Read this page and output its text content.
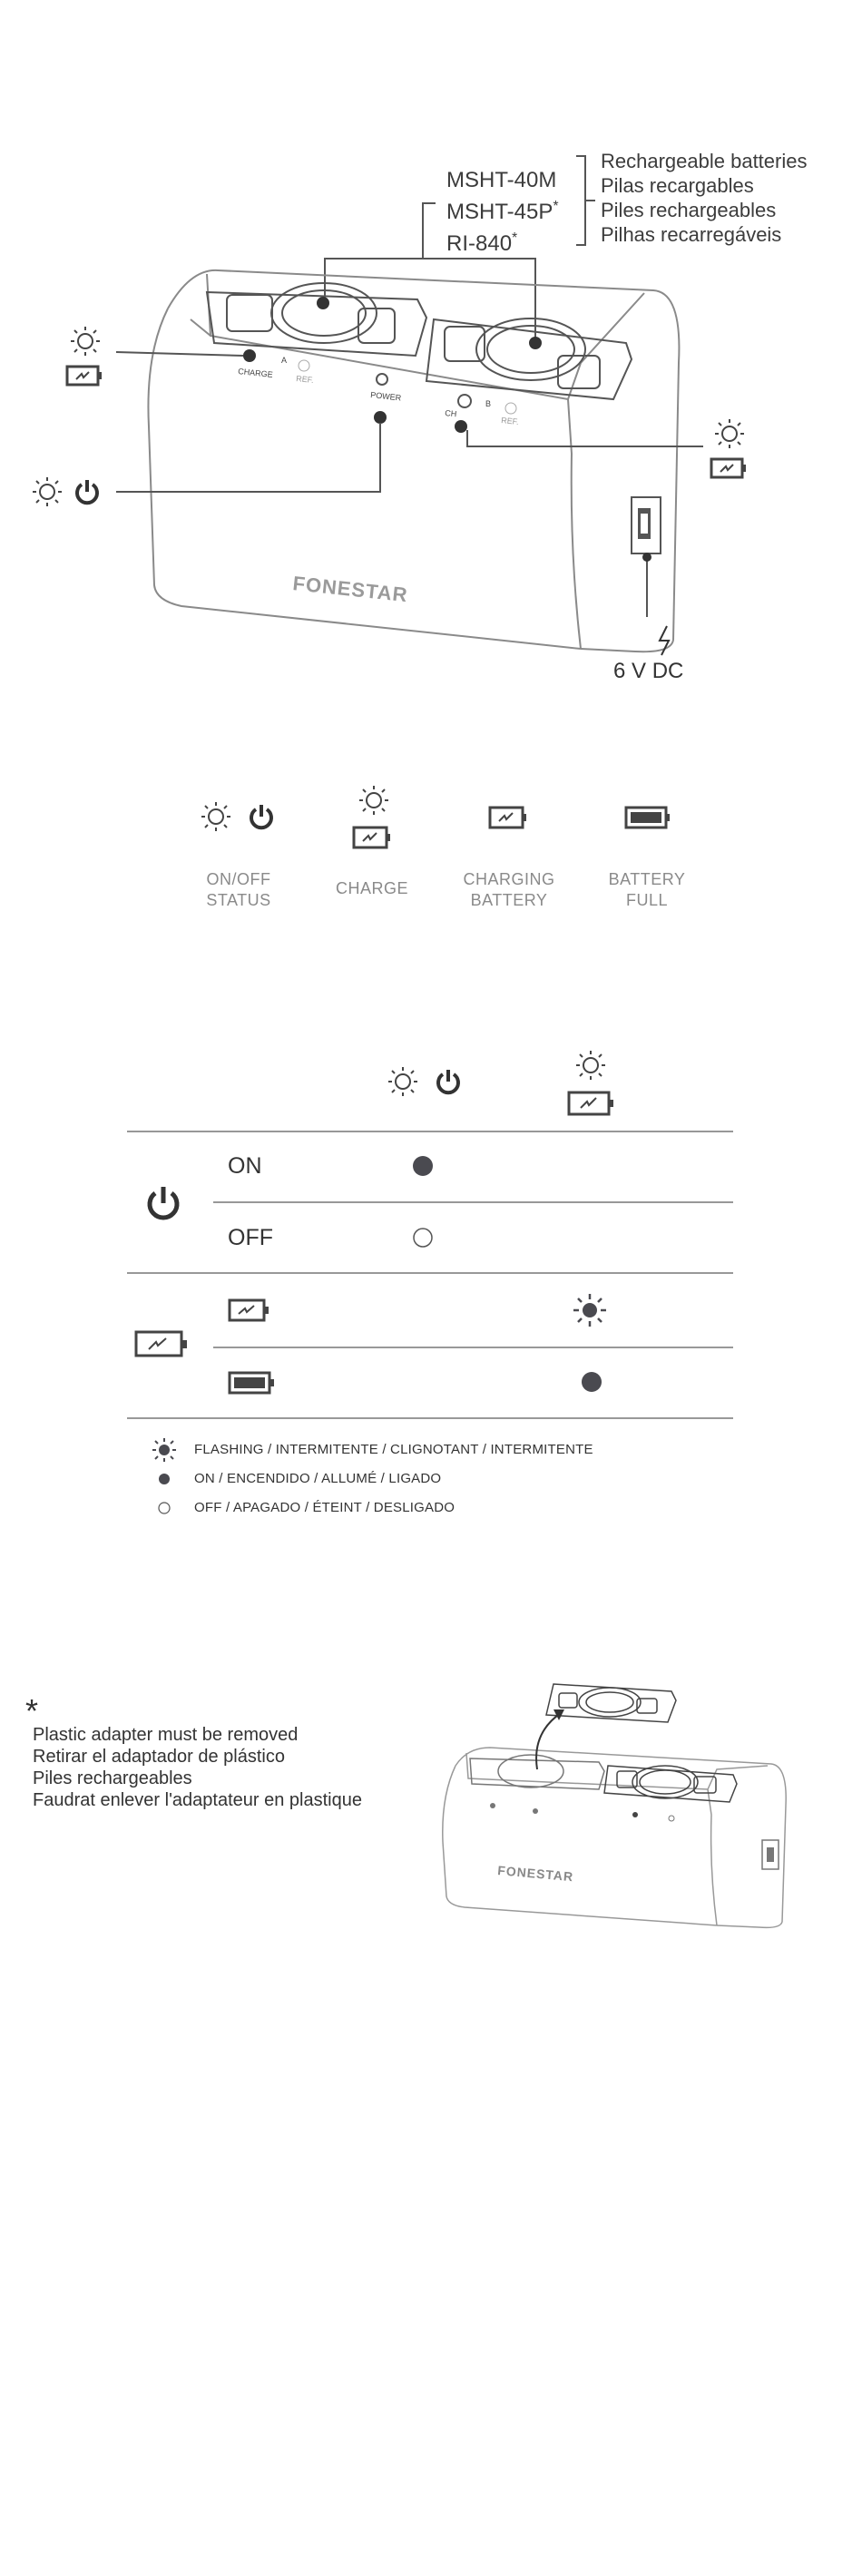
MSHT-40M
MSHT-45P*
RI-840*
Rechargeable batteries
Pilas recargables
Piles rechargeables
Pilhas recarregáveis
FONESTAR
CHARGE
A
REF.
POWER
CH
B
REF.
6 V DC
ON/OFF
STATUS
CHARGE	CHARGING
BATTERY
BATTERY
FULL
ON
OFF
FLASHING / INTERMITENTE / CLIGNOTANT / INTERMITENTE
ON / ENCENDIDO / ALLUMÉ / LIGADO
OFF / APAGADO / ÉTEINT / DESLIGADO
*
Plastic adapter must be removed
Retirar el adaptador de plástico
Piles rechargeables
Faudrat enlever l'adaptateur en plastique
FONESTAR
